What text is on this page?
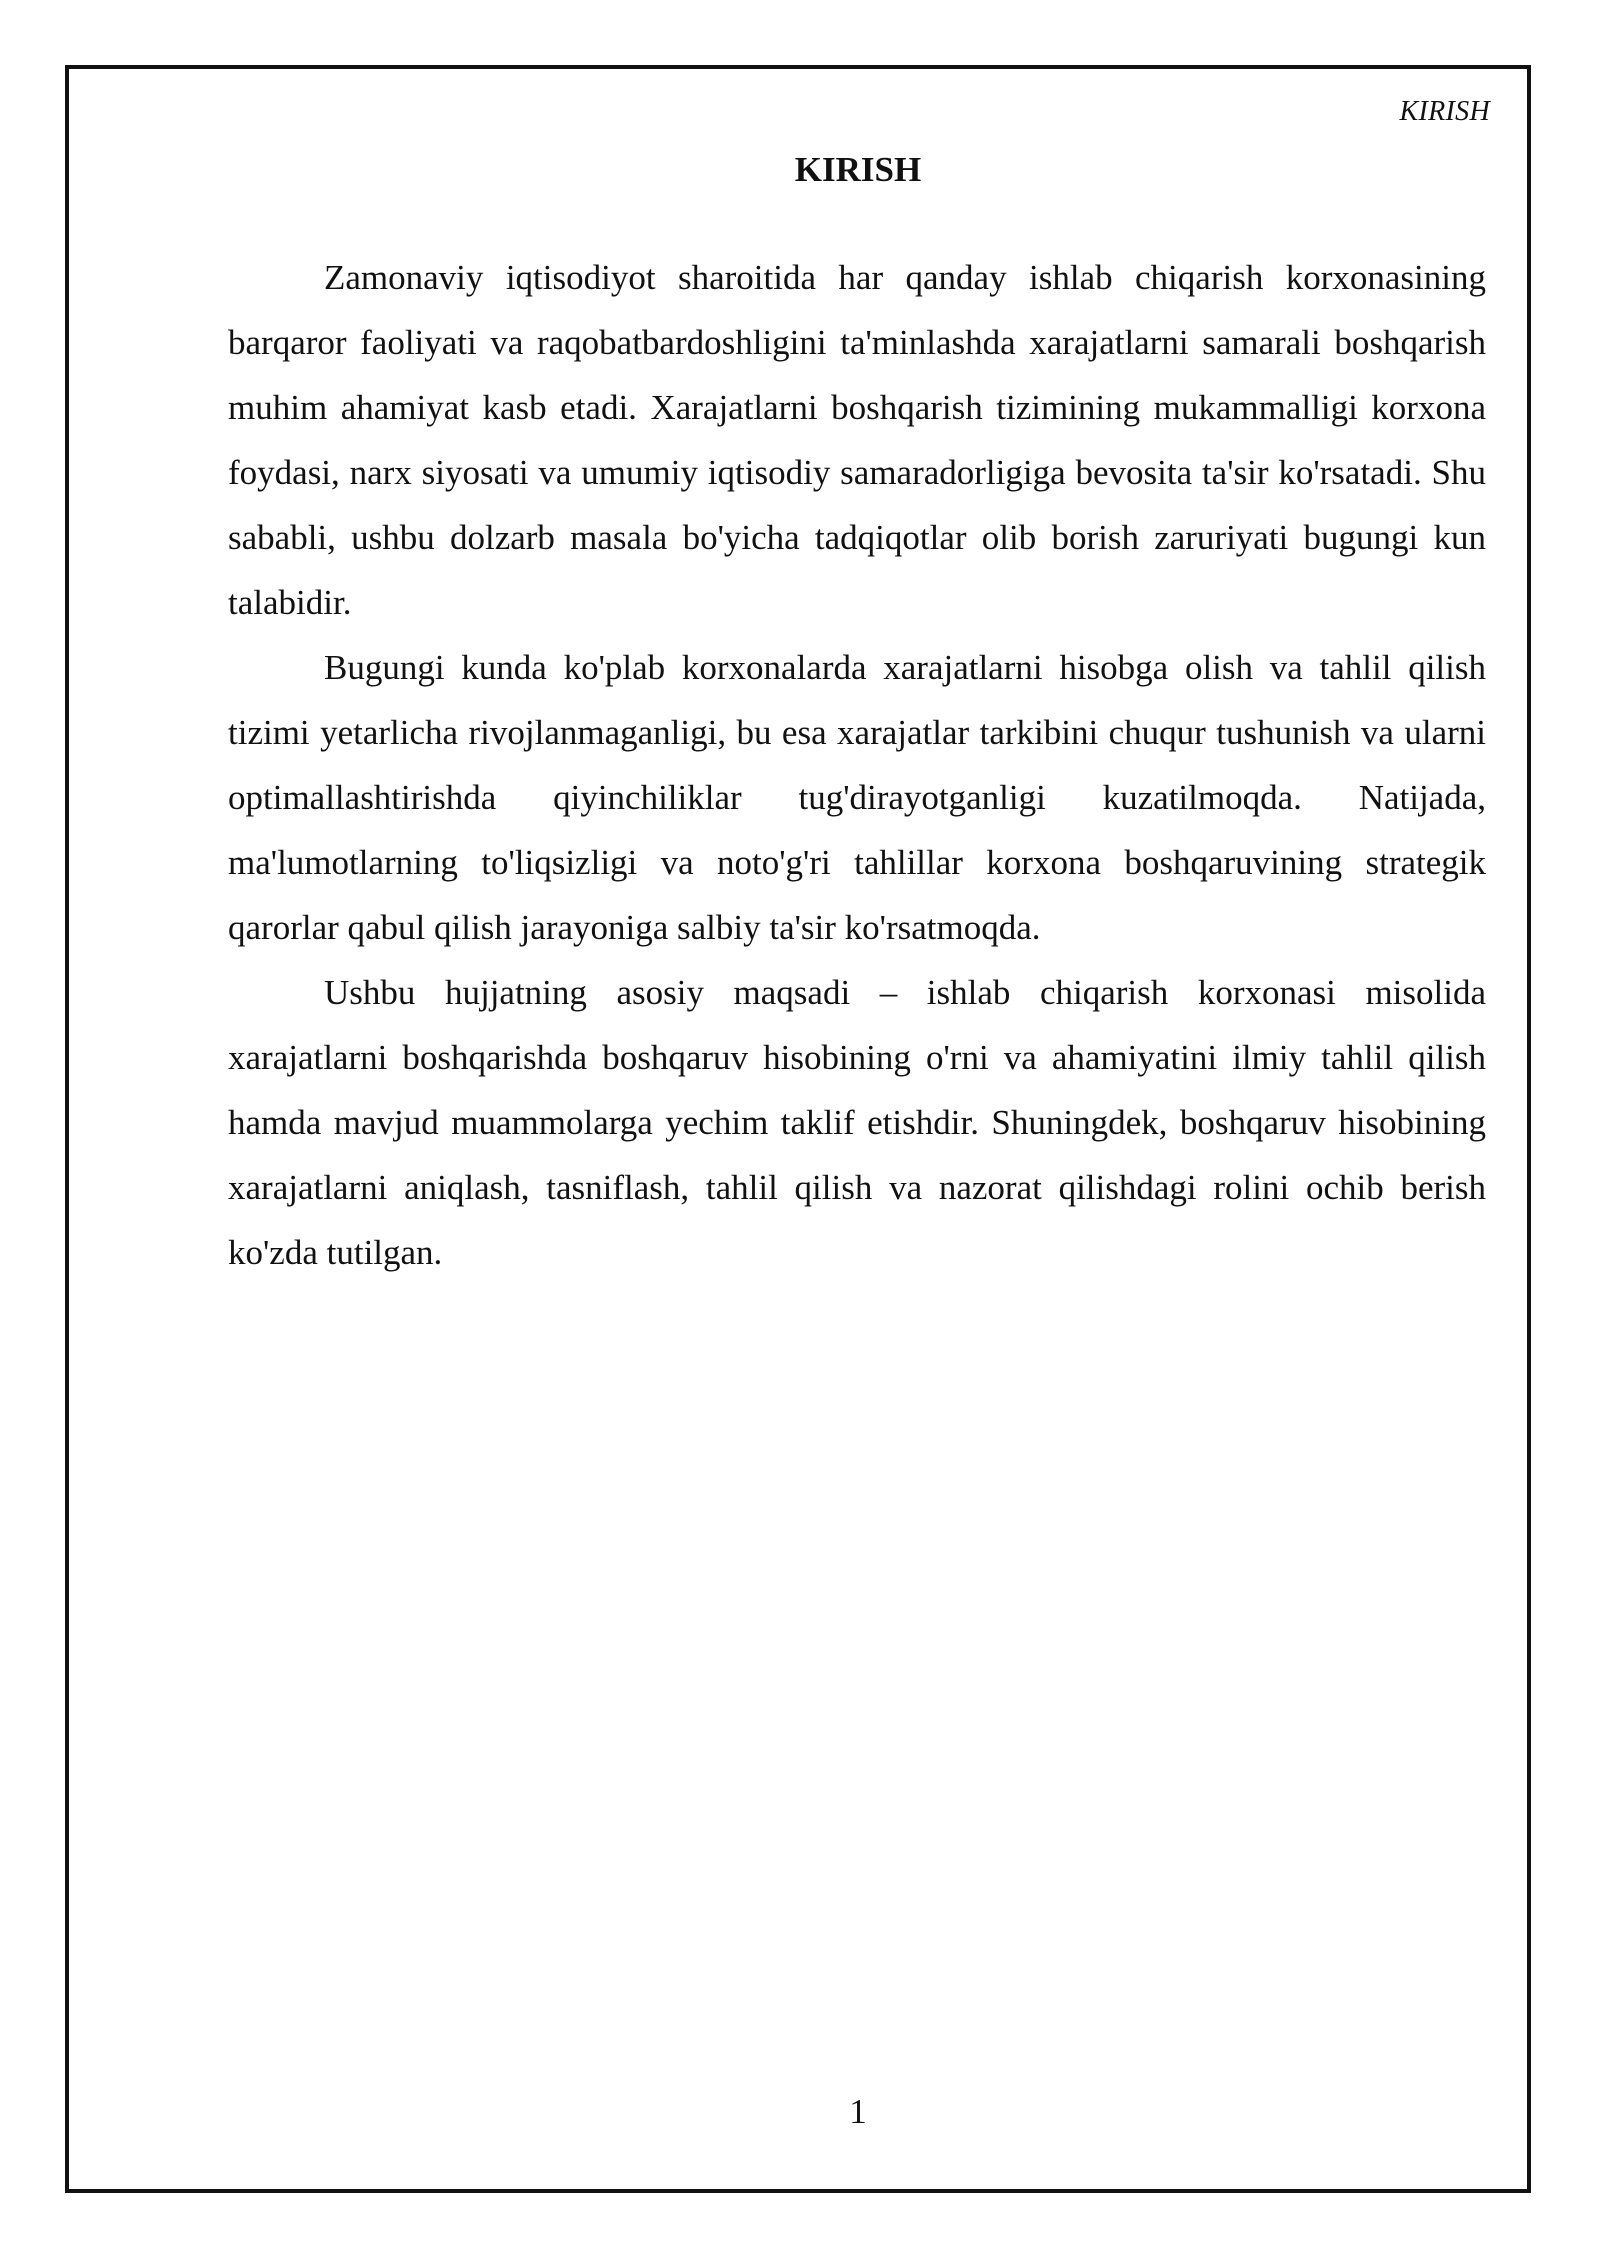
KIRISH
KIRISH

Zamonaviy iqtisodiyot sharoitida har qanday ishlab chiqarish korxonasining barqaror faoliyati va raqobatbardoshligini ta'minlashda xarajatlarni samarali boshqarish muhim ahamiyat kasb etadi. Xarajatlarni boshqarish tizimining mukammalligi korxona foydasi, narx siyosati va umumiy iqtisodiy samaradorligiga bevosita ta'sir ko'rsatadi. Shu sababli, ushbu dolzarb masala bo'yicha tadqiqotlar olib borish zaruriyati bugungi kun talabidir.

Bugungi kunda ko'plab korxonalarda xarajatlarni hisobga olish va tahlil qilish tizimi yetarlicha rivojlanmaganligi, bu esa xarajatlar tarkibini chuqur tushunish va ularni optimallashtirishda qiyinchiliklar tug'dirayotganligi kuzatilmoqda. Natijada, ma'lumotlarning to'liqsizligi va noto'g'ri tahlillar korxona boshqaruvining strategik qarorlar qabul qilish jarayoniga salbiy ta'sir ko'rsatmoqda.

Ushbu hujjatning asosiy maqsadi – ishlab chiqarish korxonasi misolida xarajatlarni boshqarishda boshqaruv hisobining o'rni va ahamiyatini ilmiy tahlil qilish hamda mavjud muammolarga yechim taklif etishdir. Shuningdek, boshqaruv hisobining xarajatlarni aniqlash, tasniflash, tahlil qilish va nazorat qilishdagi rolini ochib berish ko'zda tutilgan.

1
